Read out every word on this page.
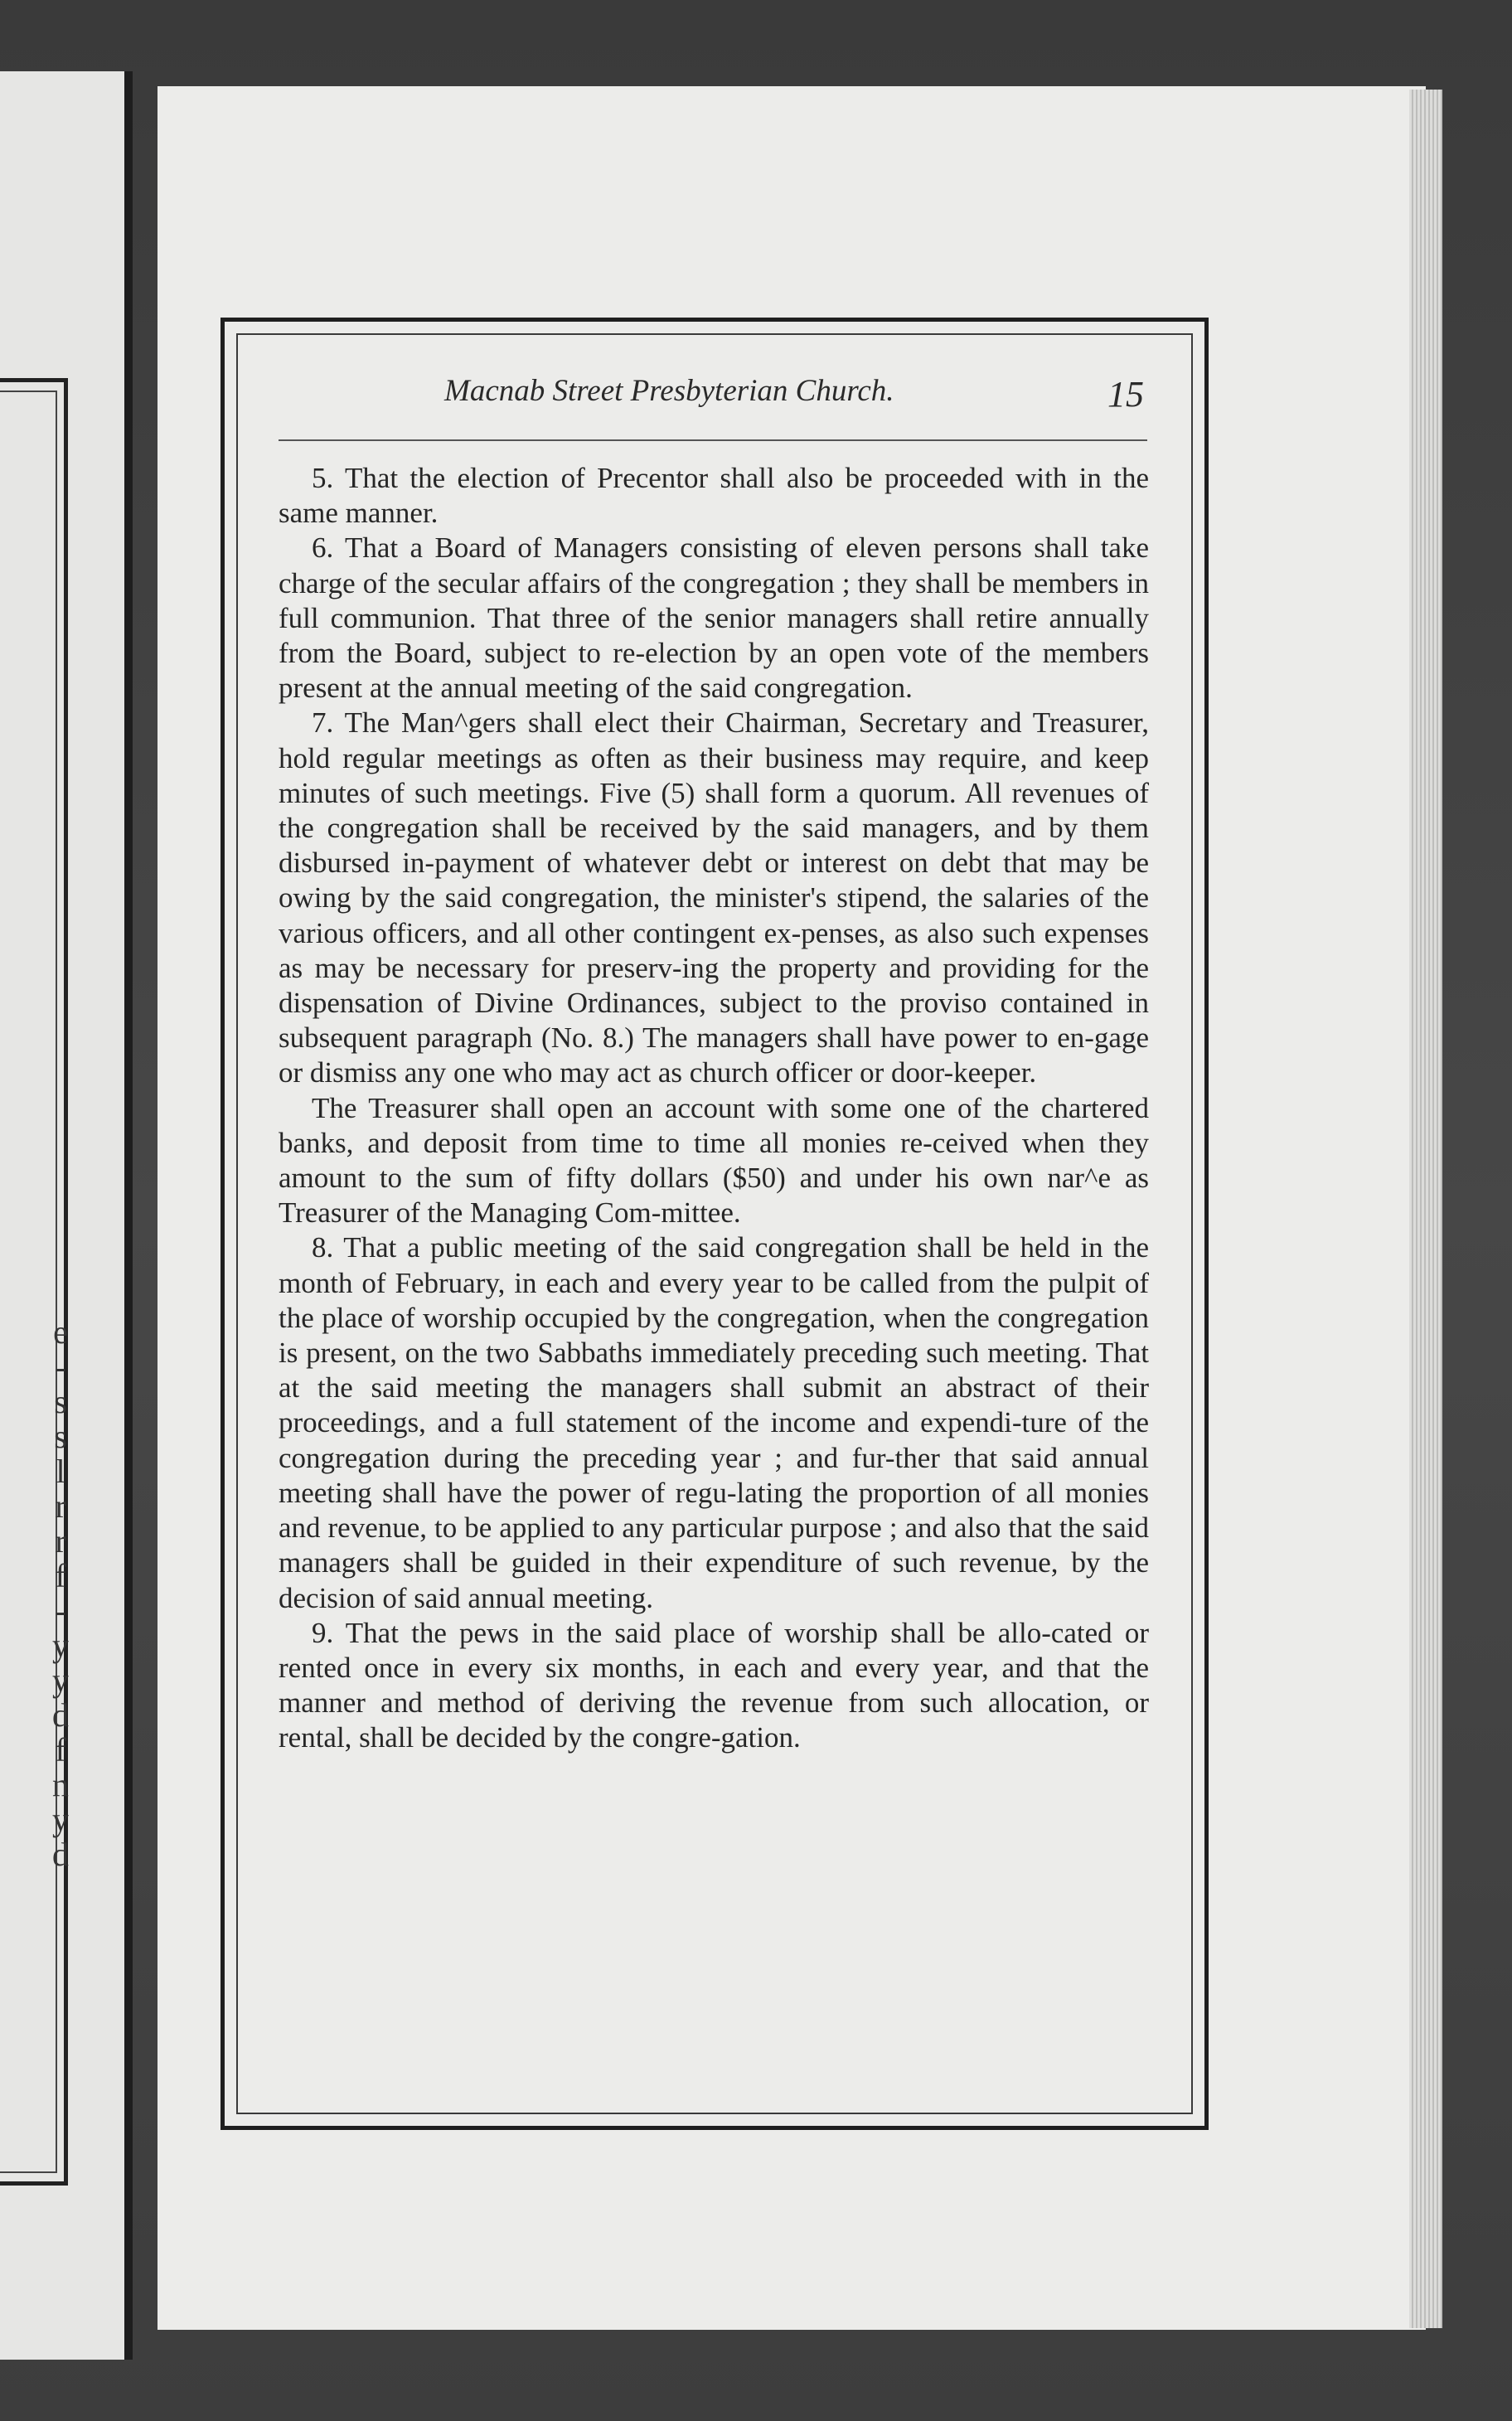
e
-
s
s
l
r
r
f
-
y
y
d
f
n
y
d
Macnab Street Presbyterian Church.	15

5. That the election of Precentor shall also be proceeded with in the same manner.

6. That a Board of Managers consisting of eleven persons shall take charge of the secular affairs of the congregation ; they shall be members in full communion. That three of the senior managers shall retire annually from the Board, subject to re-election by an open vote of the members present at the annual meeting of the said congregation.

7. The Man^gers shall elect their Chairman, Secretary and Treasurer, hold regular meetings as often as their business may require, and keep minutes of such meetings. Five (5) shall form a quorum. All revenues of the congregation shall be received by the said managers, and by them disbursed in-payment of whatever debt or interest on debt that may be owing by the said congregation, the minister's stipend, the salaries of the various officers, and all other contingent ex-penses, as also such expenses as may be necessary for preserv-ing the property and providing for the dispensation of Divine Ordinances, subject to the proviso contained in subsequent paragraph (No. 8.) The managers shall have power to en-gage or dismiss any one who may act as church officer or door-keeper.

The Treasurer shall open an account with some one of the chartered banks, and deposit from time to time all monies re-ceived when they amount to the sum of fifty dollars ($50) and under his own nar^e as Treasurer of the Managing Com-mittee.

8. That a public meeting of the said congregation shall be held in the month of February, in each and every year to be called from the pulpit of the place of worship occupied by the congregation, when the congregation is present, on the two Sabbaths immediately preceding such meeting. That at the said meeting the managers shall submit an abstract of their proceedings, and a full statement of the income and expendi-ture of the congregation during the preceding year ; and fur-ther that said annual meeting shall have the power of regu-lating the proportion of all monies and revenue, to be applied to any particular purpose ; and also that the said managers shall be guided in their expenditure of such revenue, by the decision of said annual meeting.

9. That the pews in the said place of worship shall be allo-cated or rented once in every six months, in each and every year, and that the manner and method of deriving the revenue from such allocation, or rental, shall be decided by the congre-gation.
